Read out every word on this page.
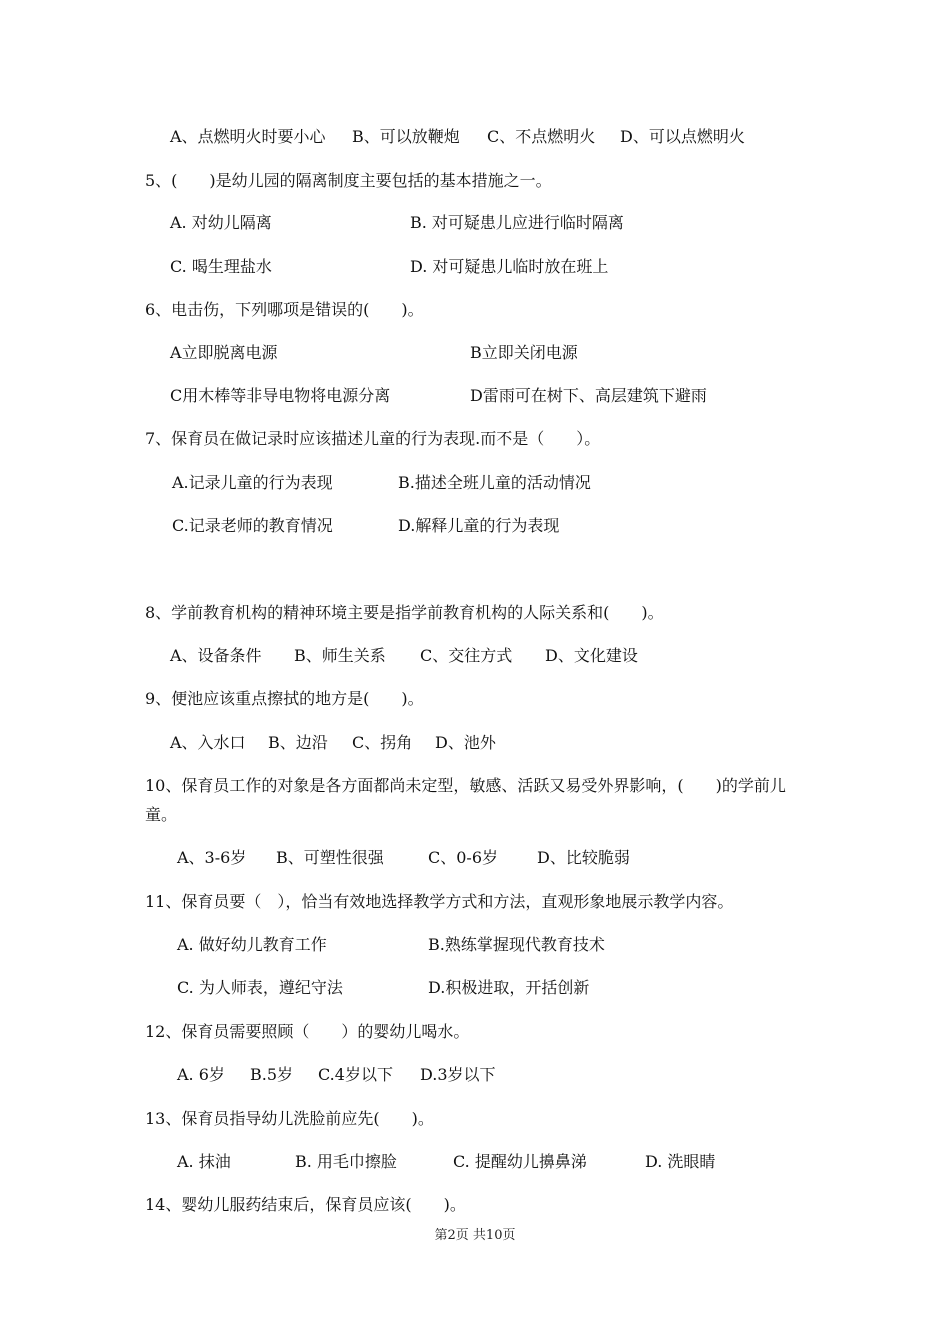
A、点燃明火时要小心 B、可以放鞭炮 C、不点燃明火 D、可以点燃明火
5、(　　)是幼儿园的隔离制度主要包括的基本措施之一。
A. 对幼儿隔离	B. 对可疑患儿应进行临时隔离
C. 喝生理盐水	D. 对可疑患儿临时放在班上
6、电击伤，下列哪项是错误的(　　)。
A立即脱离电源	B立即关闭电源
C用木棒等非导电物将电源分离	D雷雨可在树下、高层建筑下避雨
7、保育员在做记录时应该描述儿童的行为表现.而不是（　　）。
A.记录儿童的行为表现	B.描述全班儿童的活动情况
C.记录老师的教育情况	D.解释儿童的行为表现
8、学前教育机构的精神环境主要是指学前教育机构的人际关系和(　　)。
A、设备条件 B、师生关系 C、交往方式 D、文化建设
9、便池应该重点擦拭的地方是(　　)。
A、入水口 B、边沿 C、拐角 D、池外
10、保育员工作的对象是各方面都尚未定型，敏感、活跃又易受外界影响，(　　)的学前儿
童。
A、3-6岁 B、可塑性很强	C、0-6岁 D、比较脆弱
11、保育员要（　），恰当有效地选择教学方式和方法，直观形象地展示教学内容。
A. 做好幼儿教育工作	B.熟练掌握现代教育技术
C. 为人师表，遵纪守法	D.积极进取，开括创新
12、保育员需要照顾（　　）的婴幼儿喝水。
A. 6岁 B.5岁 C.4岁以下 D.3岁以下
13、保育员指导幼儿洗脸前应先(　　)。
A. 抹油	B. 用毛巾擦脸	C. 提醒幼儿擤鼻涕	D. 洗眼睛
14、婴幼儿服药结束后，保育员应该(　　)。
第2页 共10页
